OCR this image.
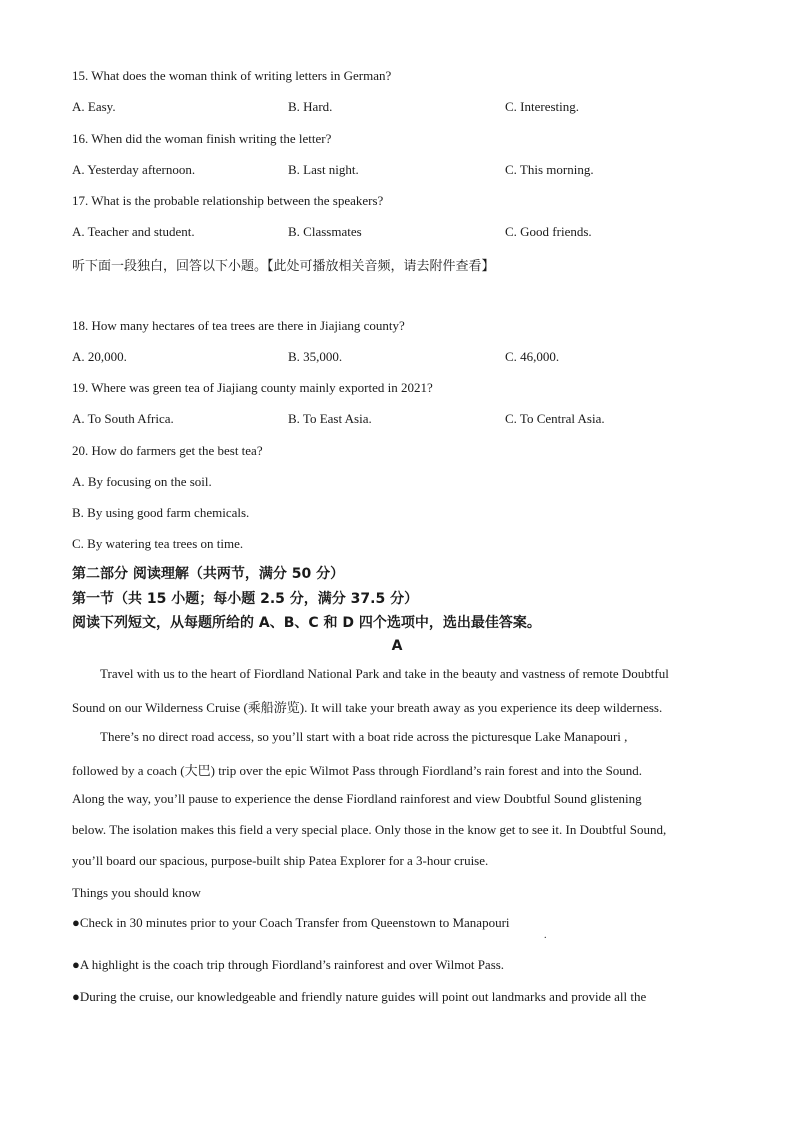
15. What does the woman think of writing letters in German?
A. Easy.	B. Hard.	C. Interesting.
16. When did the woman finish writing the letter?
A. Yesterday afternoon.	B. Last night.	C. This morning.
17. What is the probable relationship between the speakers?
A. Teacher and student.	B. Classmates	C. Good friends.
听下面一段独白，回答以下小题。【此处可播放相关音频，请去附件查看】
18. How many hectares of tea trees are there in Jiajiang county?
A. 20,000.	B. 35,000.	C. 46,000.
19. Where was green tea of Jiajiang county mainly exported in 2021?
A. To South Africa.	B. To East Asia.	C. To Central Asia.
20. How do farmers get the best tea?
A. By focusing on the soil.
B. By using good farm chemicals.
C. By watering tea trees on time.
第二部分 阅读理解（共两节，满分 50 分）
第一节（共 15 小题；每小题 2.5 分，满分 37.5 分）
阅读下列短文，从每题所给的 A、B、C 和 D 四个选项中，选出最佳答案。
A
Travel with us to the heart of Fiordland National Park and take in the beauty and vastness of remote Doubtful
Sound on our Wilderness Cruise (乘船游览). It will take your breath away as you experience its deep wilderness.
There’s no direct road access, so you’ll start with a boat ride across the picturesque Lake Manapouri ,
followed by a coach (大巴) trip over the epic Wilmot Pass through Fiordland’s rain forest and into the Sound.
Along the way, you’ll pause to experience the dense Fiordland rainforest and view Doubtful Sound glistening
below. The isolation makes this field a very special place. Only those in the know get to see it. In Doubtful Sound,
you’ll board our spacious, purpose-built ship Patea Explorer for a 3-hour cruise.
Things you should know
●Check in 30 minutes prior to your Coach Transfer from Queenstown to Manapouri
.
●A highlight is the coach trip through Fiordland’s rainforest and over Wilmot Pass.
●During the cruise, our knowledgeable and friendly nature guides will point out landmarks and provide all the
